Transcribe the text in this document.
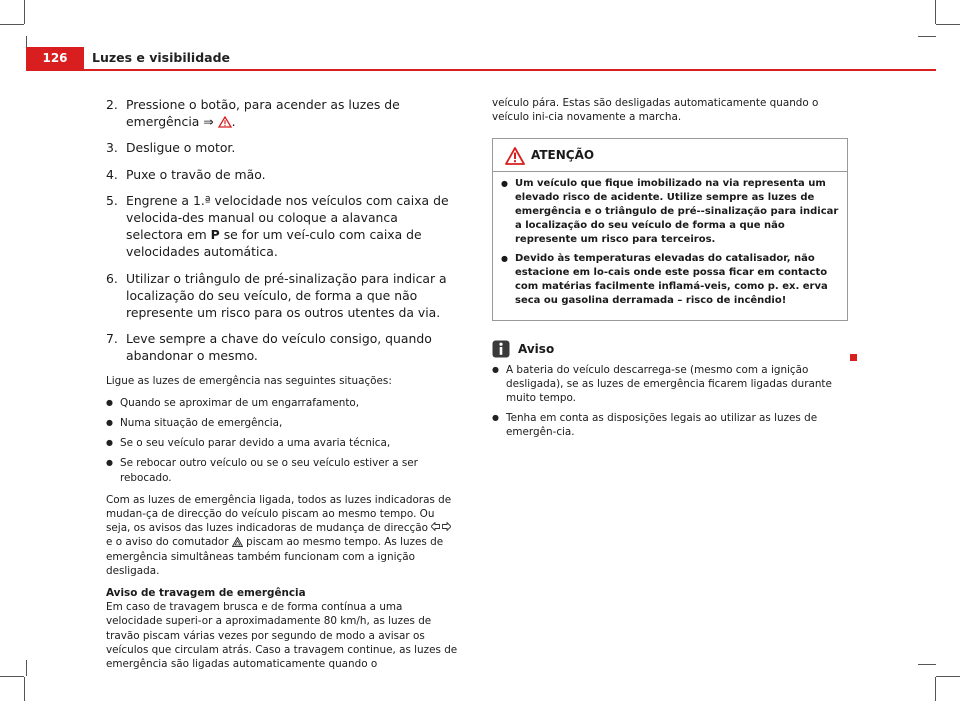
126	Luzes e visibilidade
2. Pressione o botão, para acender as luzes de emergência ⇒ .
3. Desligue o motor.
4. Puxe o travão de mão.
5. Engrene a 1.ª velocidade nos veículos com caixa de velocida-des manual ou coloque a alavanca selectora em P se for um veí-culo com caixa de velocidades automática.
6. Utilizar o triângulo de pré-sinalização para indicar a localização do seu veículo, de forma a que não represente um risco para os outros utentes da via.
7. Leve sempre a chave do veículo consigo, quando abandonar o mesmo.

Ligue as luzes de emergência nas seguintes situações:

● Quando se aproximar de um engarrafamento,
● Numa situação de emergência,
● Se o seu veículo parar devido a uma avaria técnica,
● Se rebocar outro veículo ou se o seu veículo estiver a ser rebocado.

Com as luzes de emergência ligada, todos as luzes indicadoras de mudan-ça de direcção do veículo piscam ao mesmo tempo. Ou seja, os avisos das luzes indicadoras de mudança de direcção  e o aviso do comutador  piscam ao mesmo tempo. As luzes de emergência simultâneas também funcionam com a ignição desligada.

Aviso de travagem de emergência

Em caso de travagem brusca e de forma contínua a uma velocidade superi-or a aproximadamente 80 km/h, as luzes de travão piscam várias vezes por segundo de modo a avisar os veículos que circulam atrás. Caso a travagem continue, as luzes de emergência são ligadas automaticamente quando o

veículo pára. Estas são desligadas automaticamente quando o veículo ini-cia novamente a marcha.

ATENÇÃO
● Um veículo que fique imobilizado na via representa um elevado risco de acidente. Utilize sempre as luzes de emergência e o triângulo de pré--sinalização para indicar a localização do seu veículo de forma a que não represente um risco para terceiros.
● Devido às temperaturas elevadas do catalisador, não estacione em lo-cais onde este possa ficar em contacto com matérias facilmente inflamá-veis, como p. ex. erva seca ou gasolina derramada – risco de incêndio!
Aviso
● A bateria do veículo descarrega-se (mesmo com a ignição desligada), se as luzes de emergência ficarem ligadas durante muito tempo.
● Tenha em conta as disposições legais ao utilizar as luzes de emergên-cia.
